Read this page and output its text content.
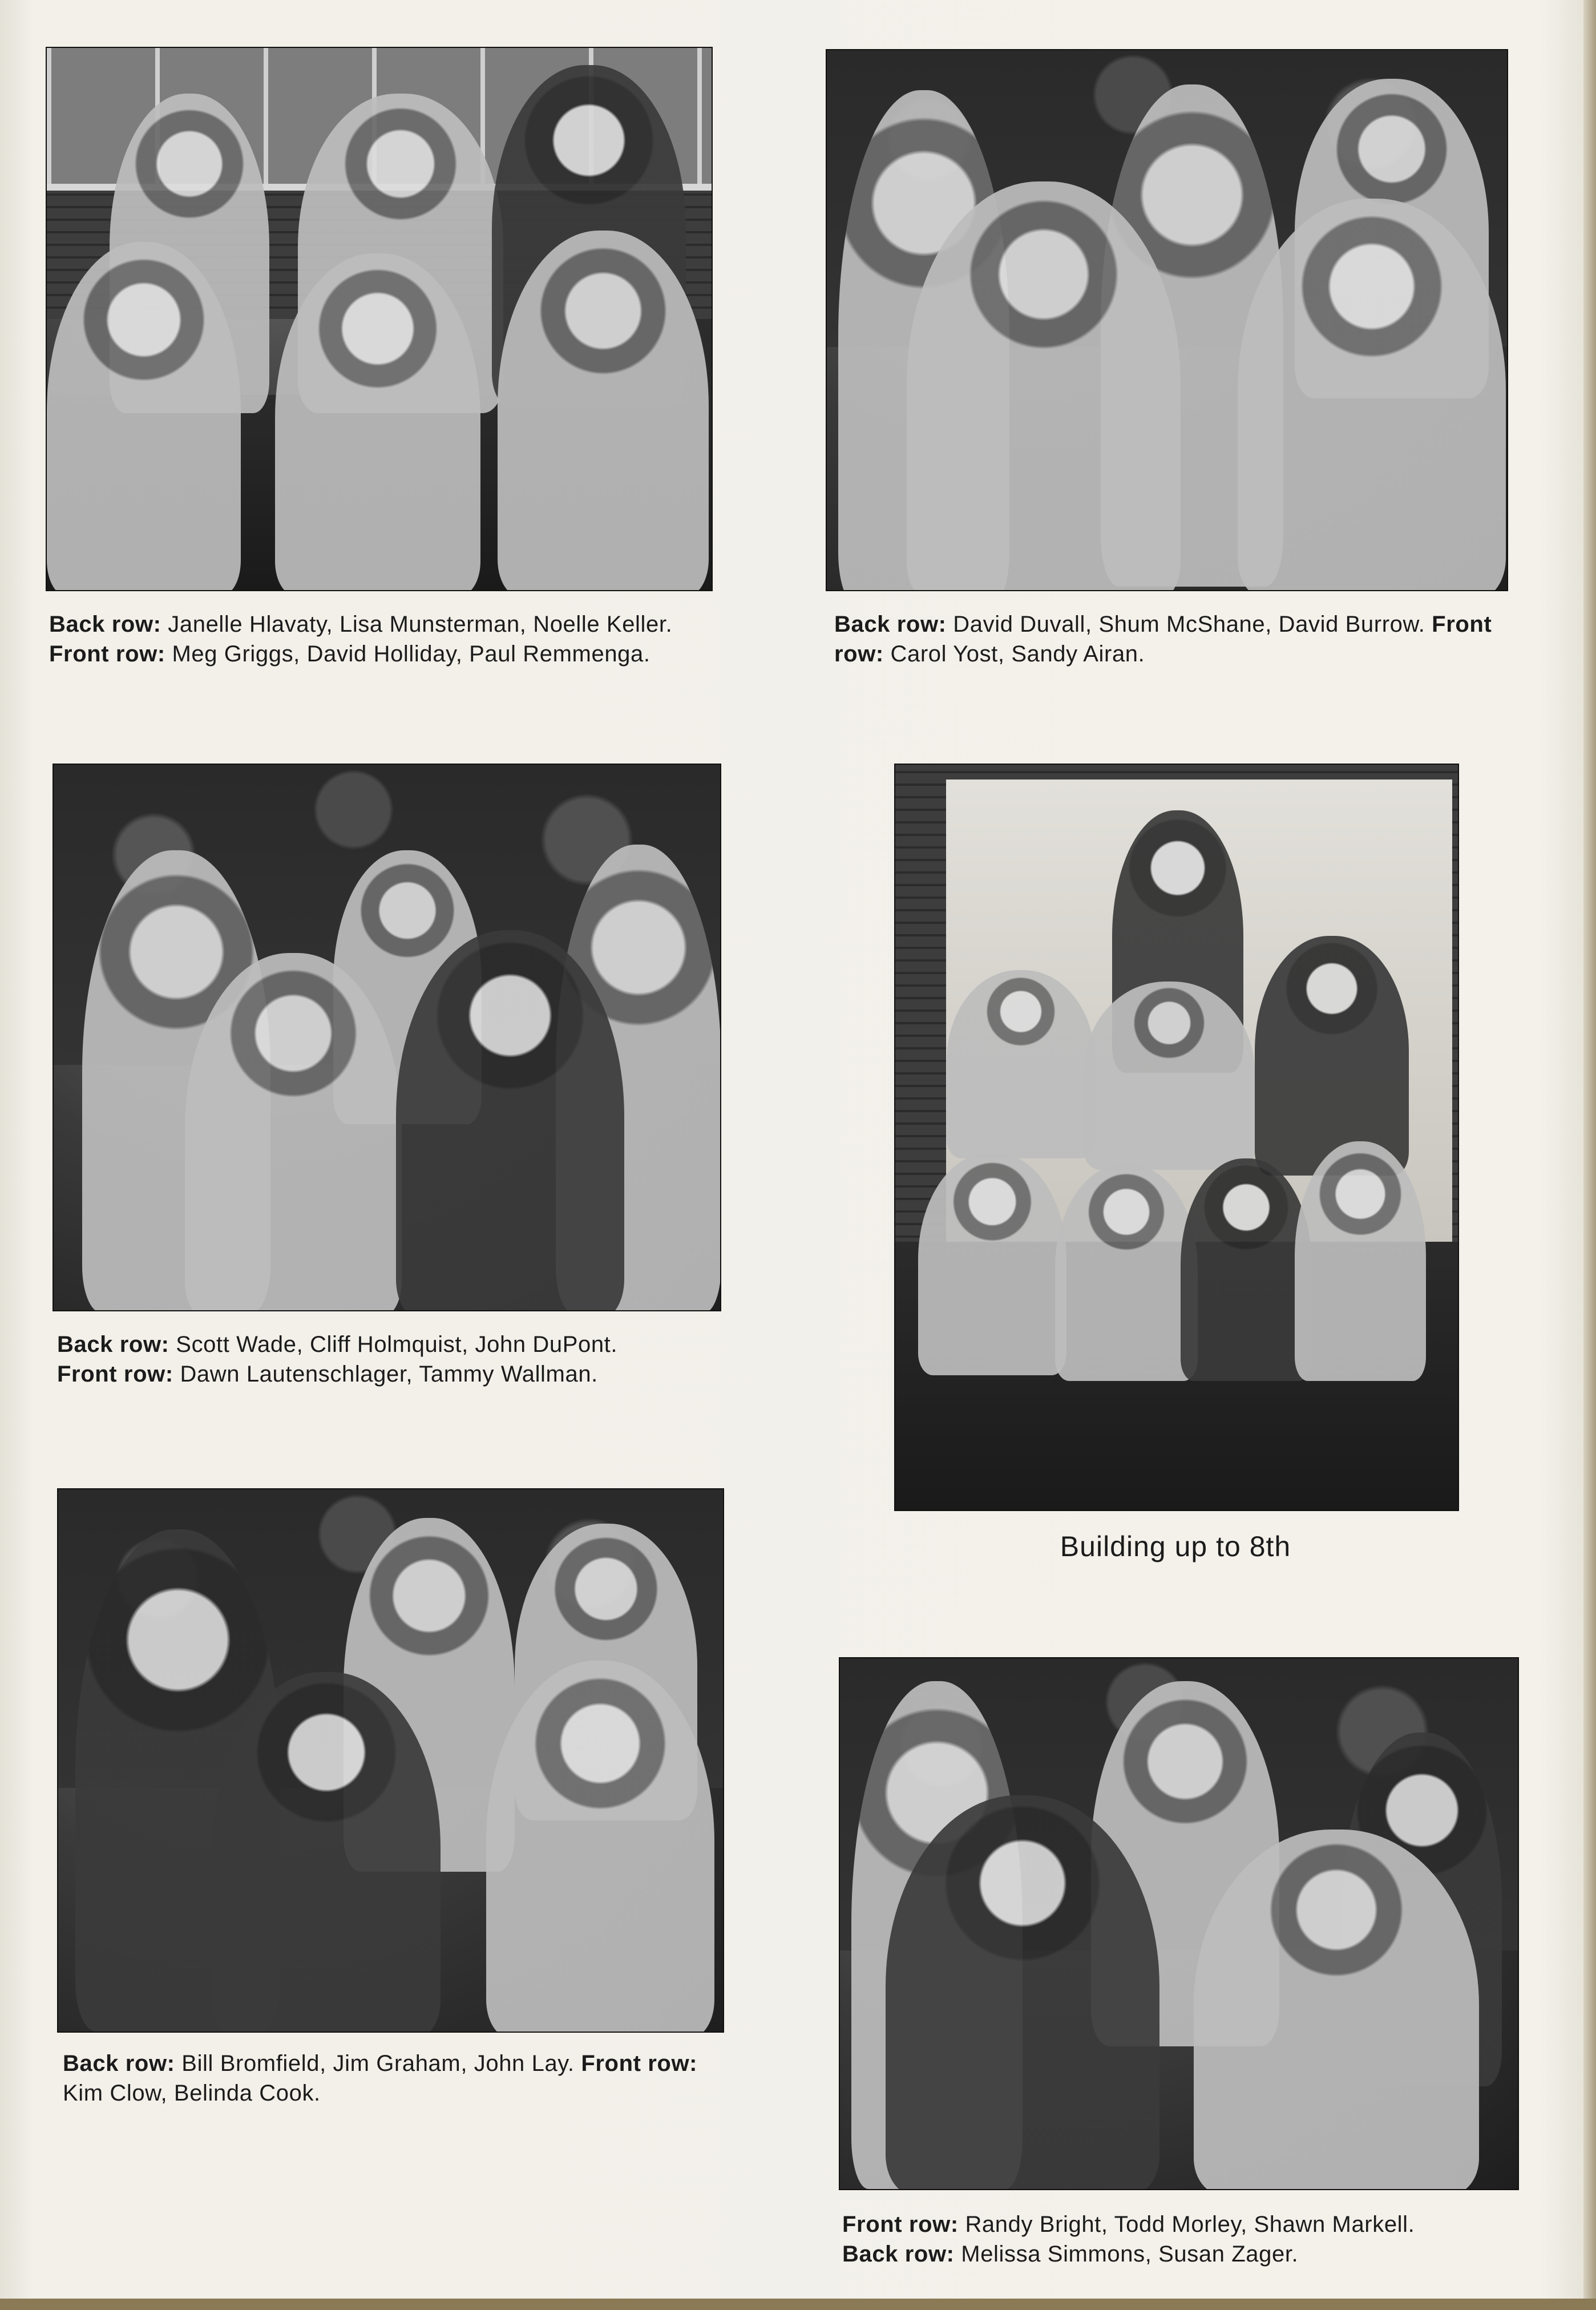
Back row: Janelle Hlavaty, Lisa Munsterman, Noelle Keller. Front row: Meg Griggs, David Holliday, Paul Remmenga.
Back row: David Duvall, Shum McShane, David Burrow. Front row: Carol Yost, Sandy Airan.
Back row: Scott Wade, Cliff Holmquist, John DuPont.
Front row: Dawn Lautenschlager, Tammy Wallman.
Building up to 8th
Back row: Bill Bromfield, Jim Graham, John Lay. Front row: Kim Clow, Belinda Cook.
Front row: Randy Bright, Todd Morley, Shawn Markell.
Back row: Melissa Simmons, Susan Zager.
